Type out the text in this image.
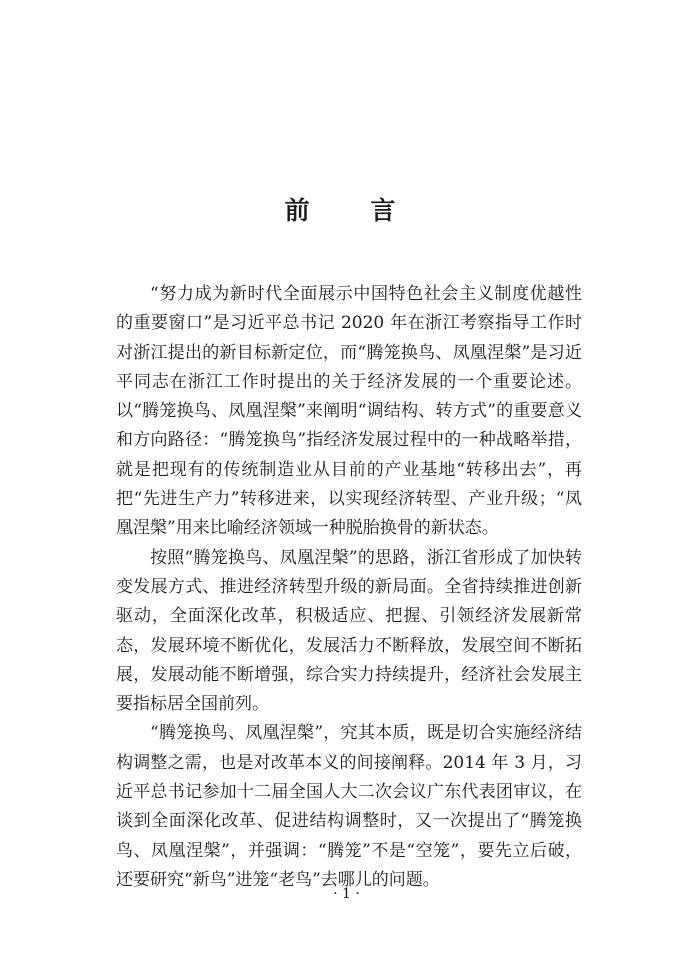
前 言

“努力成为新时代全面展示中国特色社会主义制度优越性的重要窗口”是习近平总书记 2020 年在浙江考察指导工作时对浙江提出的新目标新定位，而“腾笼换鸟、凤凰涅槃”是习近平同志在浙江工作时提出的关于经济发展的一个重要论述。以“腾笼换鸟、凤凰涅槃”来阐明“调结构、转方式”的重要意义和方向路径：“腾笼换鸟”指经济发展过程中的一种战略举措，就是把现有的传统制造业从目前的产业基地“转移出去”，再把“先进生产力”转移进来，以实现经济转型、产业升级；“凤凰涅槃”用来比喻经济领域一种脱胎换骨的新状态。

按照“腾笼换鸟、凤凰涅槃”的思路，浙江省形成了加快转变发展方式、推进经济转型升级的新局面。全省持续推进创新驱动，全面深化改革，积极适应、把握、引领经济发展新常态，发展环境不断优化，发展活力不断释放，发展空间不断拓展，发展动能不断增强，综合实力持续提升，经济社会发展主要指标居全国前列。

“腾笼换鸟、凤凰涅槃”，究其本质，既是切合实施经济结构调整之需，也是对改革本义的间接阐释。2014 年 3 月，习近平总书记参加十二届全国人大二次会议广东代表团审议，在谈到全面深化改革、促进结构调整时，又一次提出了“腾笼换鸟、凤凰涅槃”，并强调：“腾笼”不是“空笼”，要先立后破，还要研究“新鸟”进笼“老鸟”去哪儿的问题。

· 1 ·
